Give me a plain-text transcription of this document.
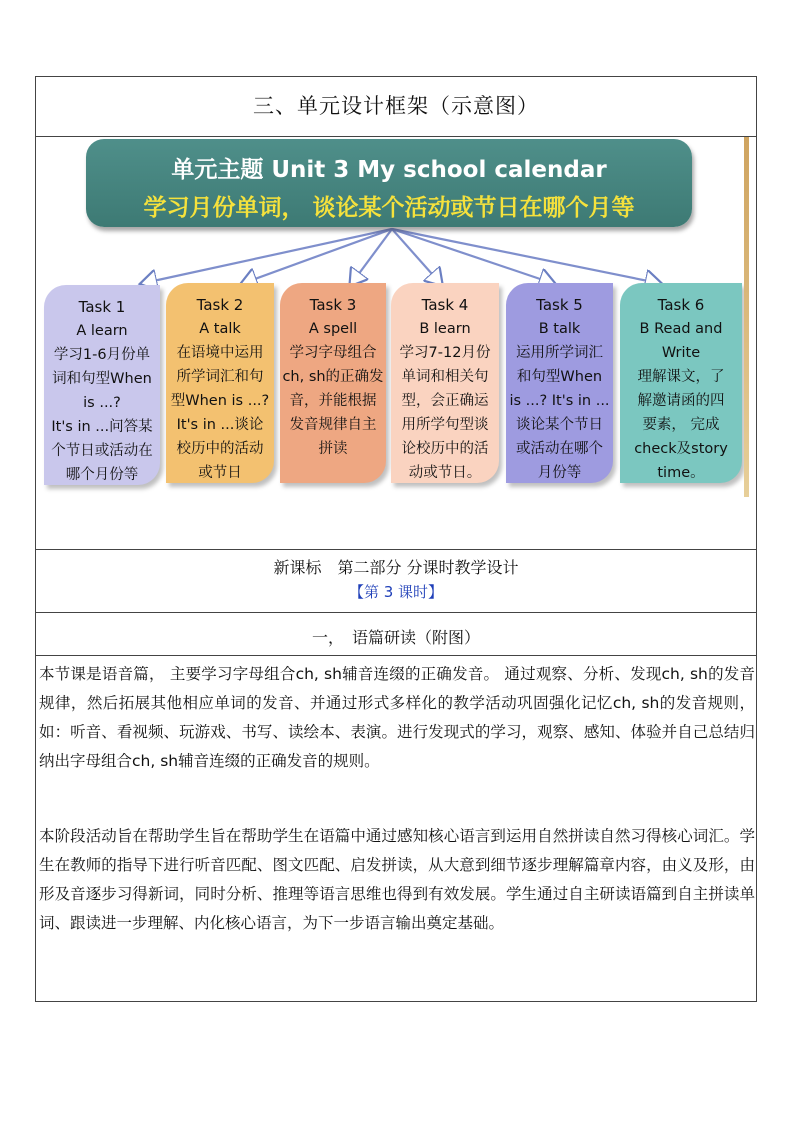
三、单元设计框架（示意图）
单元主题 Unit 3 My school calendar
学习月份单词， 谈论某个活动或节日在哪个月等
Task 1
A learn
学习1-6月份单
词和句型When
is ...?
It's in ...问答某
个节日或活动在
哪个月份等
Task 2
A talk
在语境中运用
所学词汇和句
型When is ...?
It's in ...谈论
校历中的活动
或节日
Task 3
A spell
学习字母组合
ch, sh的正确发
音，并能根据
发音规律自主
拼读
Task 4
B learn
学习7-12月份
单词和相关句
型，会正确运
用所学句型谈
论校历中的活
动或节日。
Task 5
B talk
运用所学词汇
和句型When
is ...? It's in ...
谈论某个节日
或活动在哪个
月份等
Task 6
B Read and
Write
理解课文，了
解邀请函的四
要素， 完成
check及story
time。
新课标　第二部分 分课时教学设计
【第 3 课时】
一，　语篇研读（附图）
本节课是语音篇， 主要学习字母组合ch, sh辅音连缀的正确发音。 通过观察、分析、发现ch, sh的发音规律，然后拓展其他相应单词的发音、并通过形式多样化的教学活动巩固强化记忆ch, sh的发音规则，如：听音、看视频、玩游戏、书写、读绘本、表演。进行发现式的学习，观察、感知、体验并自己总结归纳出字母组合ch, sh辅音连缀的正确发音的规则。
本阶段活动旨在帮助学生旨在帮助学生在语篇中通过感知核心语言到运用自然拼读自然习得核心词汇。学生在教师的指导下进行听音匹配、图文匹配、启发拼读，从大意到细节逐步理解篇章内容，由义及形，由形及音逐步习得新词，同时分析、推理等语言思维也得到有效发展。学生通过自主研读语篇到自主拼读单词、跟读进一步理解、内化核心语言，为下一步语言输出奠定基础。
